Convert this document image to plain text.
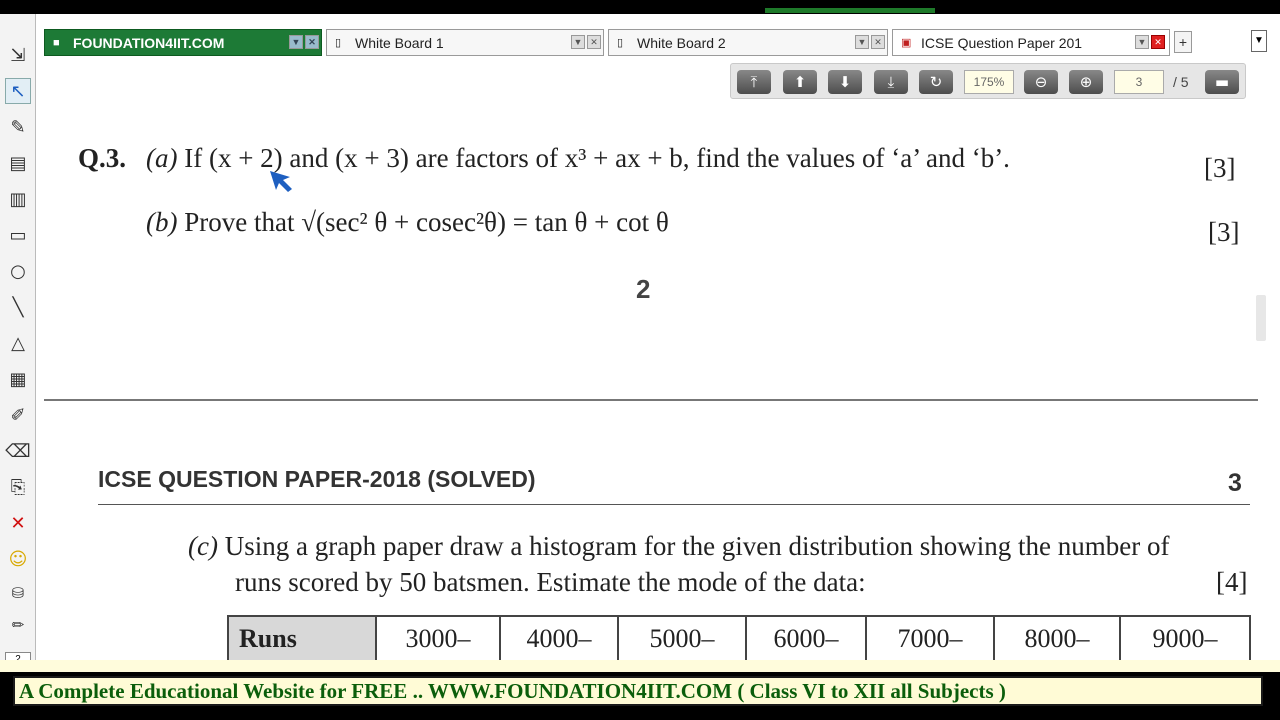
⇲
↖
✎
▤
▥
▭
○
╲
△
▦
✐
⌫
⎘
✕
☺
⛁
✏
■ FOUNDATION4IIT.COM	▼ ✕ ▯ White Board 1	▼ ✕ ▯ White Board 2	▼ ✕ ▣ ICSE Question Paper 201	▼ ✕	+	▼
⤒	⬆	⬇	⤓	↻	175%	⊖	⊕	3	/ 5	▬
Q.3. (a) If (x + 2) and (x + 3) are factors of x³ + ax + b, find the values of ‘a’ and ‘b’.	[3]
(b) Prove that √(sec² θ + cosec²θ) = tan θ + cot θ	[3]
2
ICSE QUESTION PAPER-2018 (SOLVED)	3
(c) Using a graph paper draw a histogram for the given distribution showing the number of
runs scored by 50 batsmen. Estimate the mode of the data:	[4]
Runs	3000–	4000–	5000–	6000–	7000–	8000–	9000–
A Complete Educational Website for FREE .. WWW.FOUNDATION4IIT.COM ( Class VI to XII all Subjects )
